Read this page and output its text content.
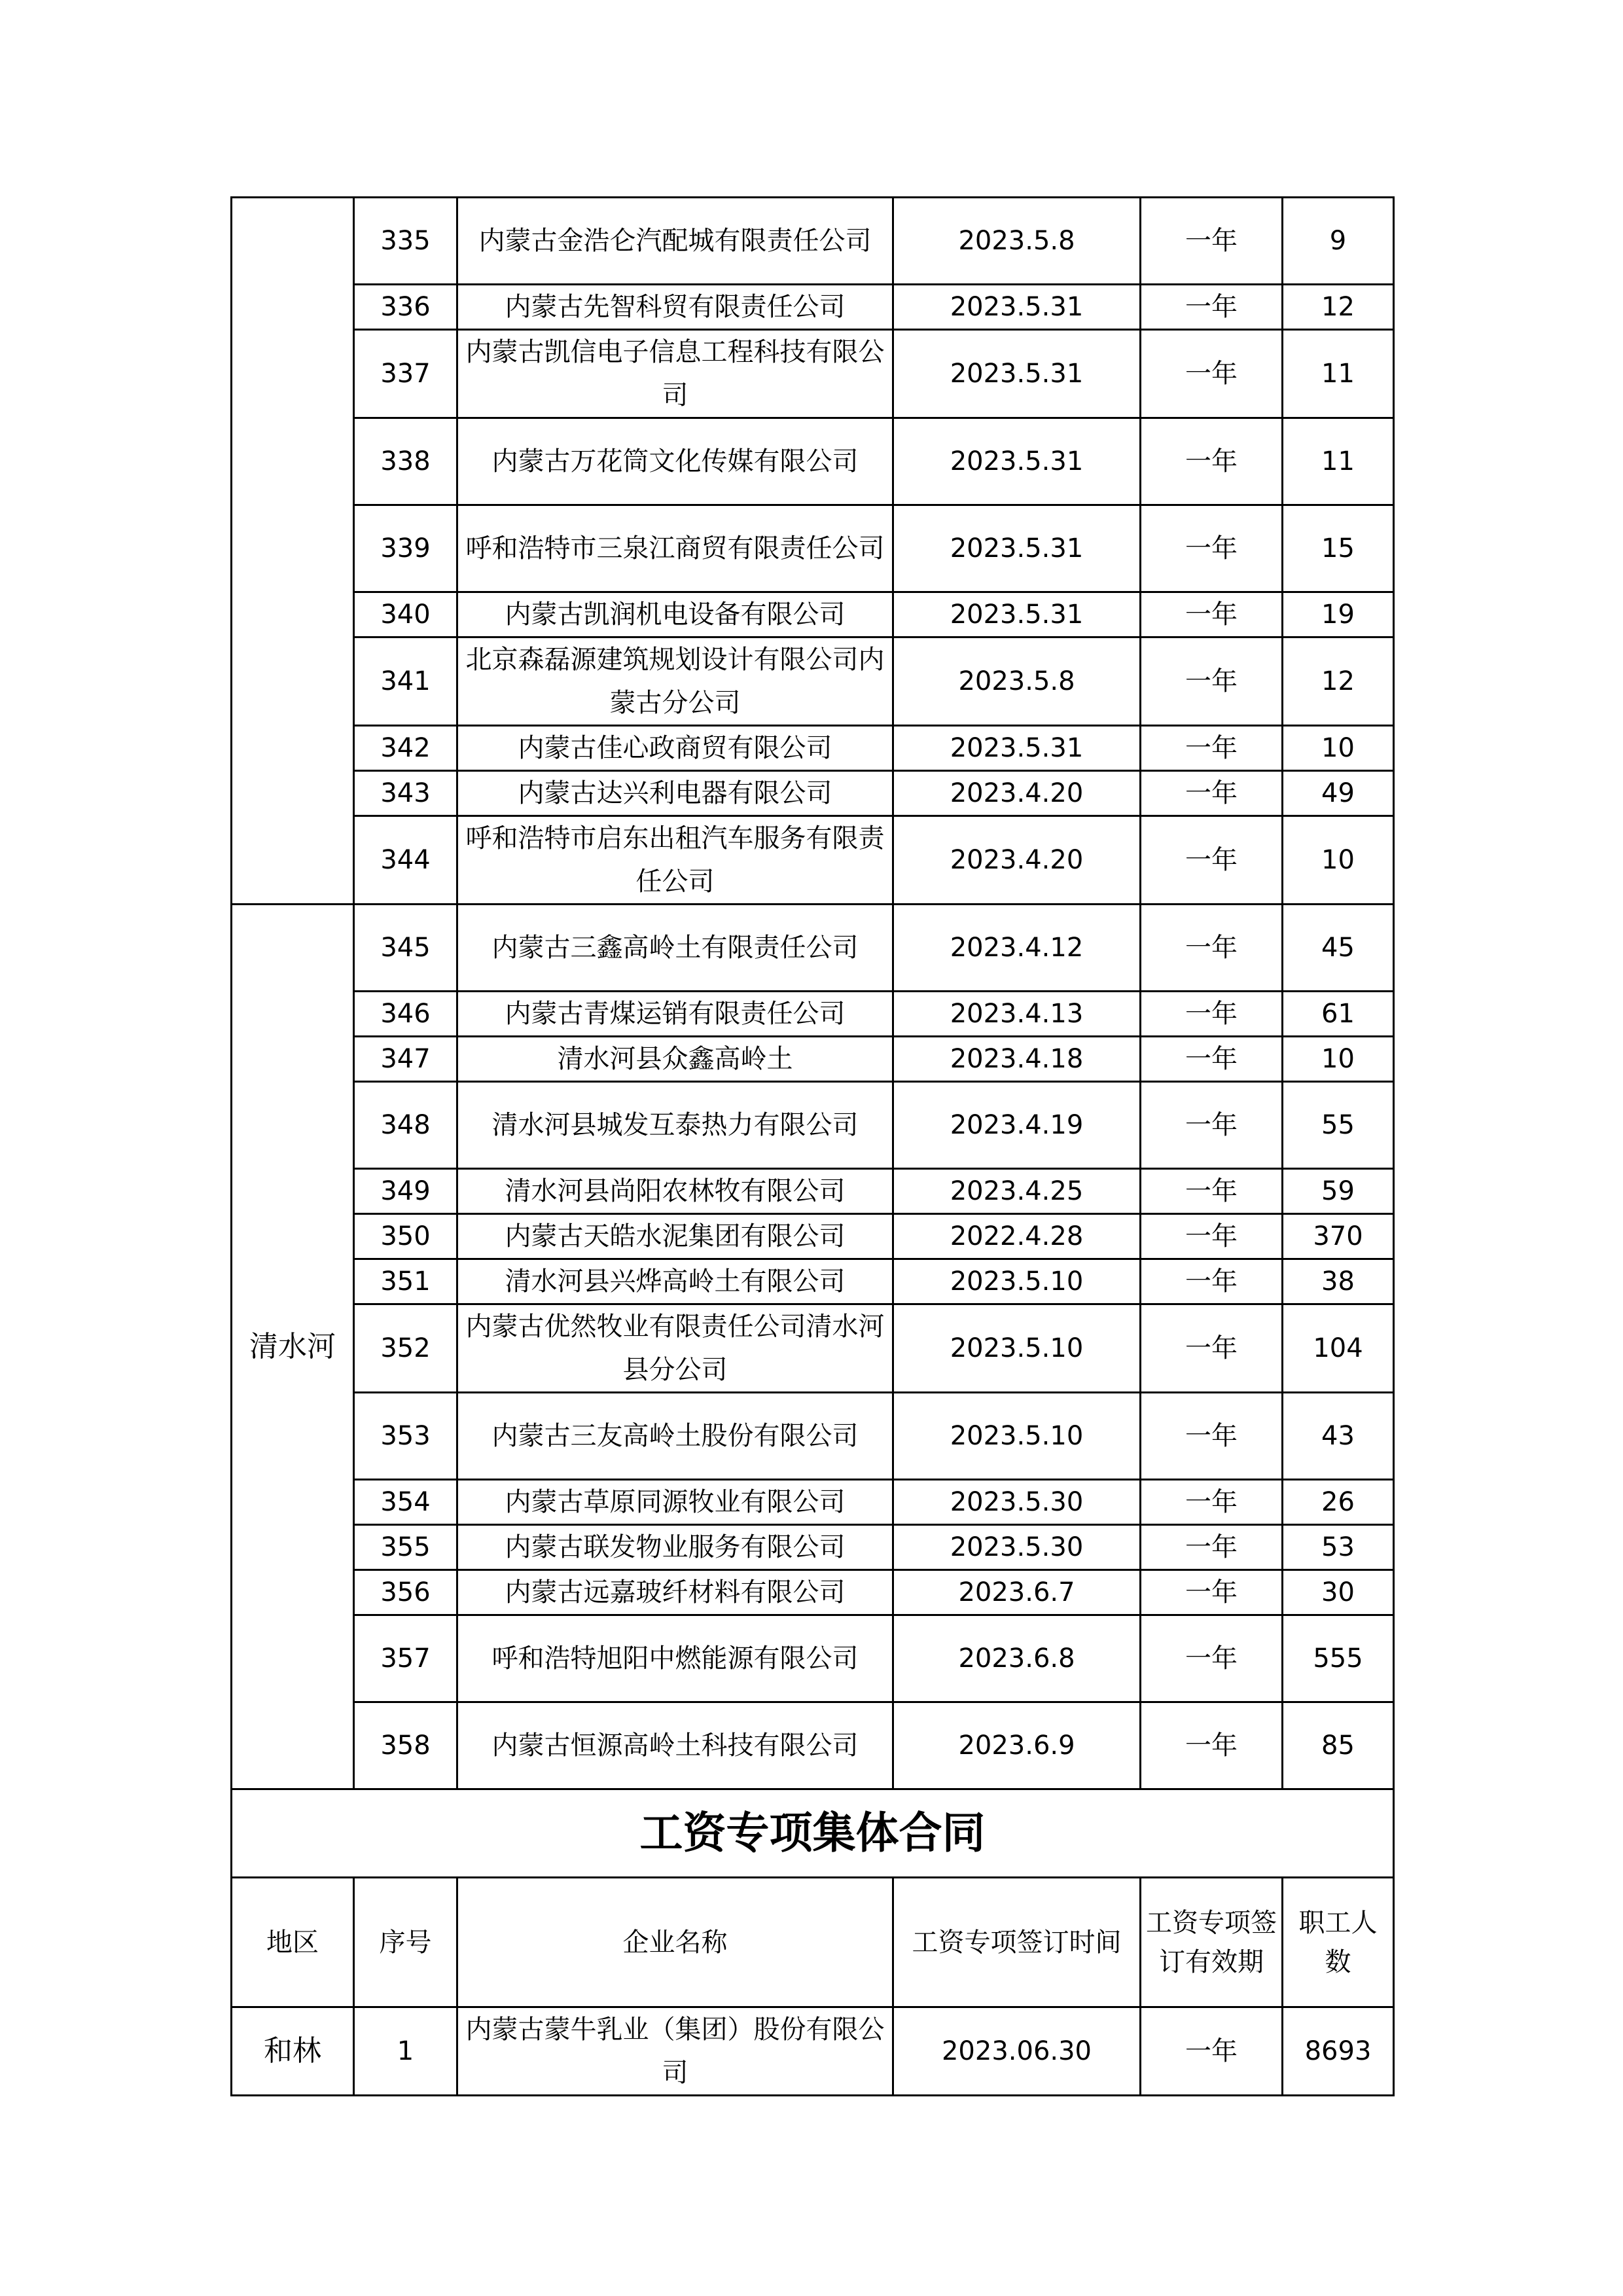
	335	内蒙古金浩仑汽配城有限责任公司	2023.5.8	一年	9
	336	内蒙古先智科贸有限责任公司	2023.5.31	一年	12
	337	内蒙古凯信电子信息工程科技有限公司	2023.5.31	一年	11
	338	内蒙古万花筒文化传媒有限公司	2023.5.31	一年	11
	339	呼和浩特市三泉江商贸有限责任公司	2023.5.31	一年	15
	340	内蒙古凯润机电设备有限公司	2023.5.31	一年	19
	341	北京森磊源建筑规划设计有限公司内蒙古分公司	2023.5.8	一年	12
	342	内蒙古佳心政商贸有限公司	2023.5.31	一年	10
	343	内蒙古达兴利电器有限公司	2023.4.20	一年	49
	344	呼和浩特市启东出租汽车服务有限责任公司	2023.4.20	一年	10
清水河	345	内蒙古三鑫高岭土有限责任公司	2023.4.12	一年	45
	346	内蒙古青煤运销有限责任公司	2023.4.13	一年	61
	347	清水河县众鑫高岭土	2023.4.18	一年	10
	348	清水河县城发互泰热力有限公司	2023.4.19	一年	55
	349	清水河县尚阳农林牧有限公司	2023.4.25	一年	59
	350	内蒙古天皓水泥集团有限公司	2022.4.28	一年	370
	351	清水河县兴烨高岭土有限公司	2023.5.10	一年	38
	352	内蒙古优然牧业有限责任公司清水河县分公司	2023.5.10	一年	104
	353	内蒙古三友高岭土股份有限公司	2023.5.10	一年	43
	354	内蒙古草原同源牧业有限公司	2023.5.30	一年	26
	355	内蒙古联发物业服务有限公司	2023.5.30	一年	53
	356	内蒙古远嘉玻纤材料有限公司	2023.6.7	一年	30
	357	呼和浩特旭阳中燃能源有限公司	2023.6.8	一年	555
	358	内蒙古恒源高岭土科技有限公司	2023.6.9	一年	85
工资专项集体合同					
地区	序号	企业名称	工资专项签订时间	工资专项签订有效期	职工人数
和林	1	内蒙古蒙牛乳业（集团）股份有限公司	2023.06.30	一年	8693
